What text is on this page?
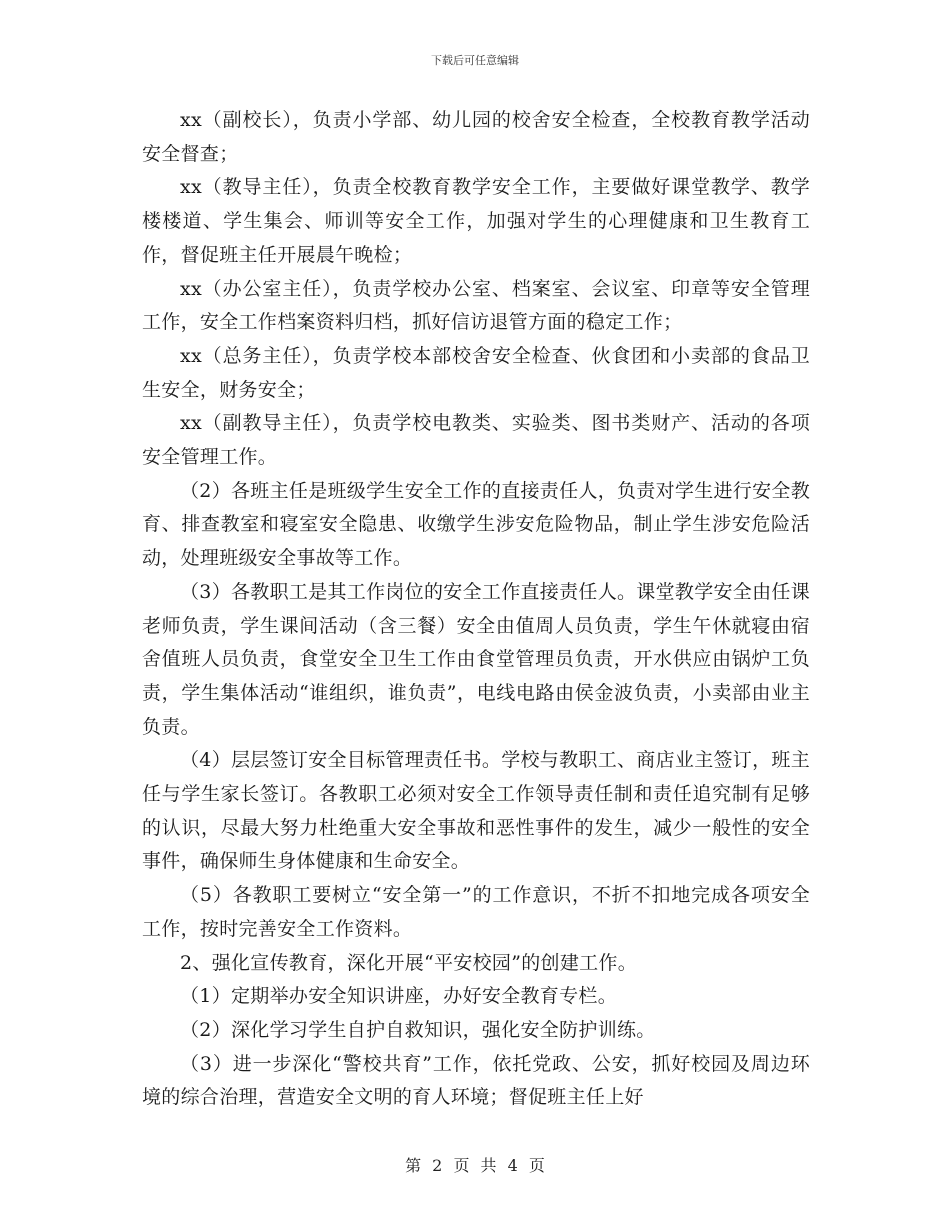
下载后可任意编辑

xx（副校长），负责小学部、幼儿园的校舍安全检查，全校教育教学活动安全督查；

xx（教导主任），负责全校教育教学安全工作，主要做好课堂教学、教学楼楼道、学生集会、师训等安全工作，加强对学生的心理健康和卫生教育工作，督促班主任开展晨午晚检；

xx（办公室主任），负责学校办公室、档案室、会议室、印章等安全管理工作，安全工作档案资料归档，抓好信访退管方面的稳定工作；

xx（总务主任），负责学校本部校舍安全检查、伙食团和小卖部的食品卫生安全，财务安全；

xx（副教导主任），负责学校电教类、实验类、图书类财产、活动的各项安全管理工作。

（2）各班主任是班级学生安全工作的直接责任人，负责对学生进行安全教育、排查教室和寝室安全隐患、收缴学生涉安危险物品，制止学生涉安危险活动，处理班级安全事故等工作。

（3）各教职工是其工作岗位的安全工作直接责任人。课堂教学安全由任课老师负责，学生课间活动（含三餐）安全由值周人员负责，学生午休就寝由宿舍值班人员负责，食堂安全卫生工作由食堂管理员负责，开水供应由锅炉工负责，学生集体活动“谁组织，谁负责”，电线电路由侯金波负责，小卖部由业主负责。

（4）层层签订安全目标管理责任书。学校与教职工、商店业主签订，班主任与学生家长签订。各教职工必须对安全工作领导责任制和责任追究制有足够的认识，尽最大努力杜绝重大安全事故和恶性事件的发生，减少一般性的安全事件，确保师生身体健康和生命安全。

（5）各教职工要树立“安全第一”的工作意识，不折不扣地完成各项安全工作，按时完善安全工作资料。

2、强化宣传教育，深化开展“平安校园”的创建工作。

（1）定期举办安全知识讲座，办好安全教育专栏。

（2）深化学习学生自护自救知识，强化安全防护训练。

（3）进一步深化“警校共育”工作，依托党政、公安，抓好校园及周边环境的综合治理，营造安全文明的育人环境；督促班主任上好

第 2 页 共 4 页
